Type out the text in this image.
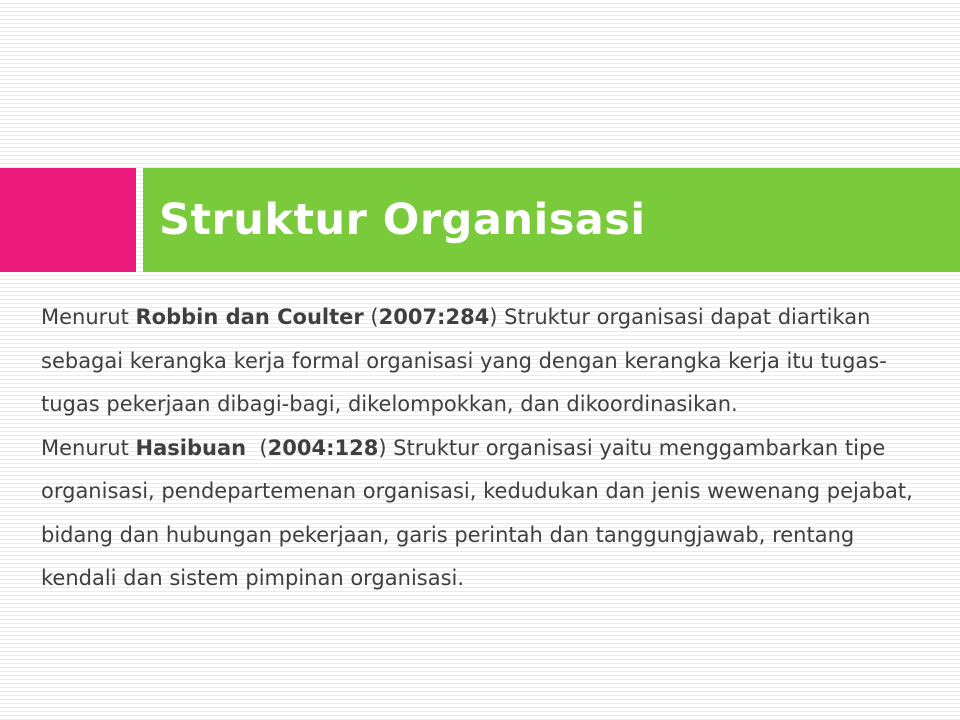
Struktur Organisasi

Menurut Robbin dan Coulter (2007:284) Struktur organisasi dapat diartikan sebagai kerangka kerja formal organisasi yang dengan kerangka kerja itu tugas-tugas pekerjaan dibagi-bagi, dikelompokkan, dan dikoordinasikan.

Menurut Hasibuan  (2004:128) Struktur organisasi yaitu menggambarkan tipe organisasi, pendepartemenan organisasi, kedudukan dan jenis wewenang pejabat, bidang dan hubungan pekerjaan, garis perintah dan tanggungjawab, rentang kendali dan sistem pimpinan organisasi.
